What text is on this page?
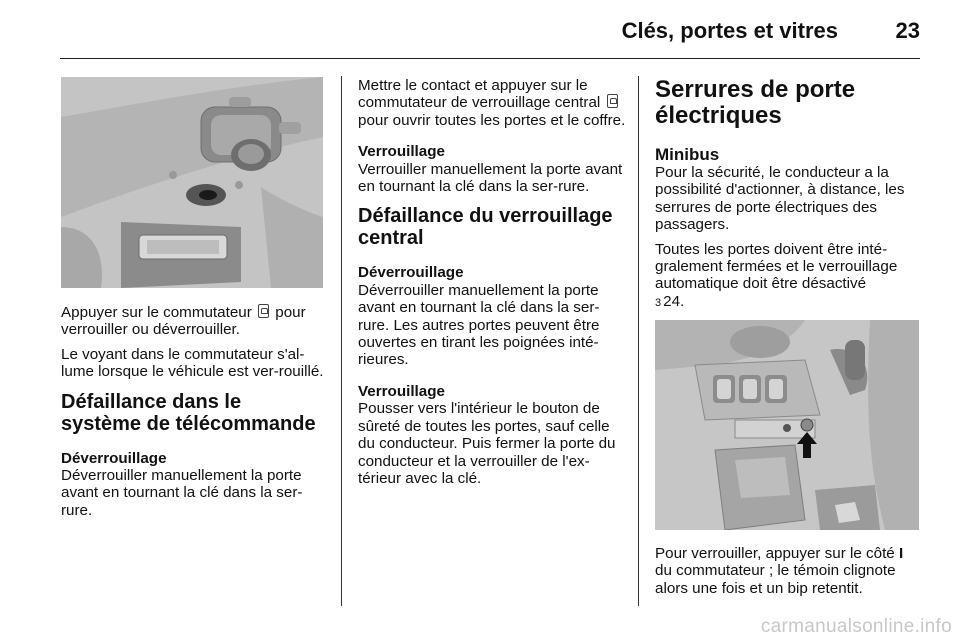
Clés, portes et vitres	23

Appuyer sur le commutateur pour verrouiller ou déverrouiller.

Le voyant dans le commutateur s'al-lume lorsque le véhicule est ver-rouillé.

Défaillance dans le système de télécommande
Déverrouillage

Déverrouiller manuellement la porte avant en tournant la clé dans la ser-rure.

Mettre le contact et appuyer sur le commutateur de verrouillage central  pour ouvrir toutes les portes et le coffre.

Verrouillage

Verrouiller manuellement la porte avant en tournant la clé dans la ser-rure.

Défaillance du verrouillage central
Déverrouillage

Déverrouiller manuellement la porte avant en tournant la clé dans la ser-rure. Les autres portes peuvent être ouvertes en tirant les poignées inté-rieures.

Verrouillage

Pousser vers l'intérieur le bouton de sûreté de toutes les portes, sauf celle du conducteur. Puis fermer la porte du conducteur et la verrouiller de l'ex-térieur avec la clé.

Serrures de porte électriques
Minibus

Pour la sécurité, le conducteur a la possibilité d'actionner, à distance, les serrures de porte électriques des passagers.

Toutes les portes doivent être inté-gralement fermées et le verrouillage automatique doit être désactivé
3 24.

Pour verrouiller, appuyer sur le côté I du commutateur ; le témoin clignote alors une fois et un bip retentit.

carmanualsonline.info
